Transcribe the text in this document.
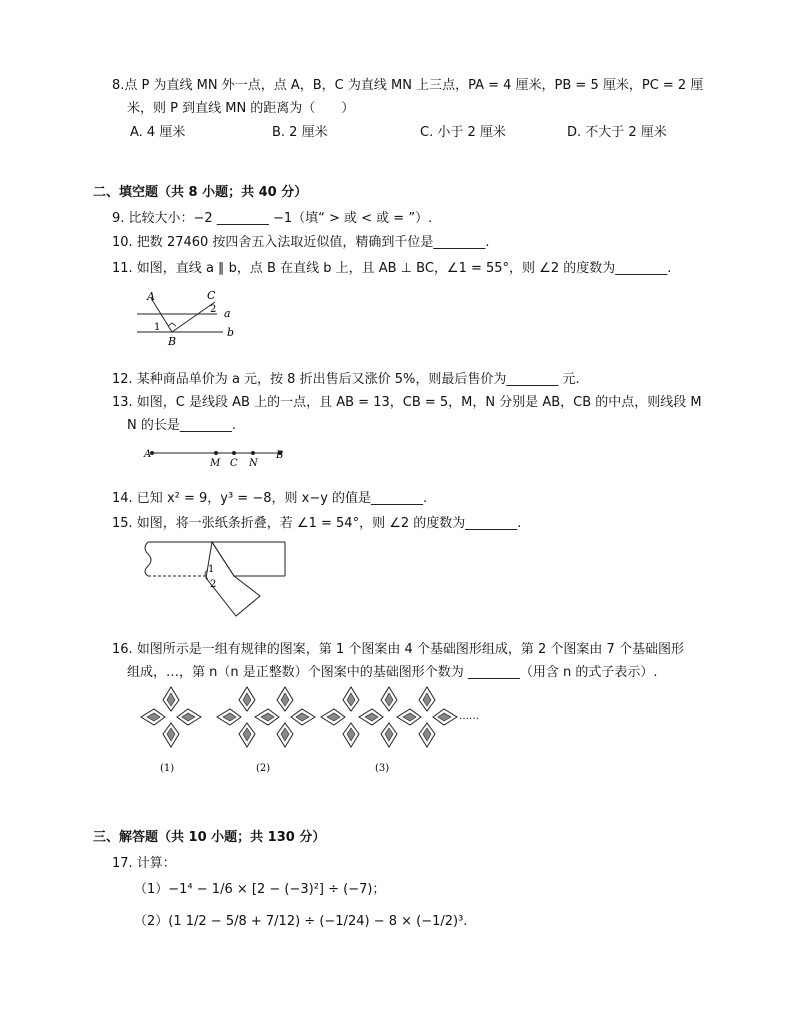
8.点 P 为直线 MN 外一点，点 A，B，C 为直线 MN 上三点，PA = 4 厘米，PB = 5 厘米，PC = 2 厘
米，则 P 到直线 MN 的距离为（　　）
A. 4 厘米	B. 2 厘米	C. 小于 2 厘米	D. 不大于 2 厘米
二、填空题（共 8 小题；共 40 分）
9. 比较大小：−2 ________ −1（填“ > 或 < 或 = ”）.
10. 把数 27460 按四舍五入法取近似值，精确到千位是________.
11. 如图，直线 a ∥ b，点 B 在直线 b 上，且 AB ⊥ BC，∠1 = 55°，则 ∠2 的度数为________.
A	C
B
a
b
1
2
12. 某种商品单价为 a 元，按 8 折出售后又涨价 5%，则最后售价为________ 元.
13. 如图，C 是线段 AB 上的一点，且 AB = 13，CB = 5，M，N 分别是 AB，CB 的中点，则线段 M
N 的长是________.
A
M C N
B
14. 已知 x² = 9，y³ = −8，则 x−y 的值是________.
15. 如图，将一张纸条折叠，若 ∠1 = 54°，则 ∠2 的度数为________.
1
2
16. 如图所示是一组有规律的图案，第 1 个图案由 4 个基础图形组成，第 2 个图案由 7 个基础图形
组成，…，第 n（n 是正整数）个图案中的基础图形个数为 ________（用含 n 的式子表示）.
(1)	(2)	(3)
……
三、解答题（共 10 小题；共 130 分）
17. 计算：
（1）−1⁴ − 1/6 × [2 − (−3)²] ÷ (−7)；
（2）(1 1/2 − 5/8 + 7/12) ÷ (−1/24) − 8 × (−1/2)³.
